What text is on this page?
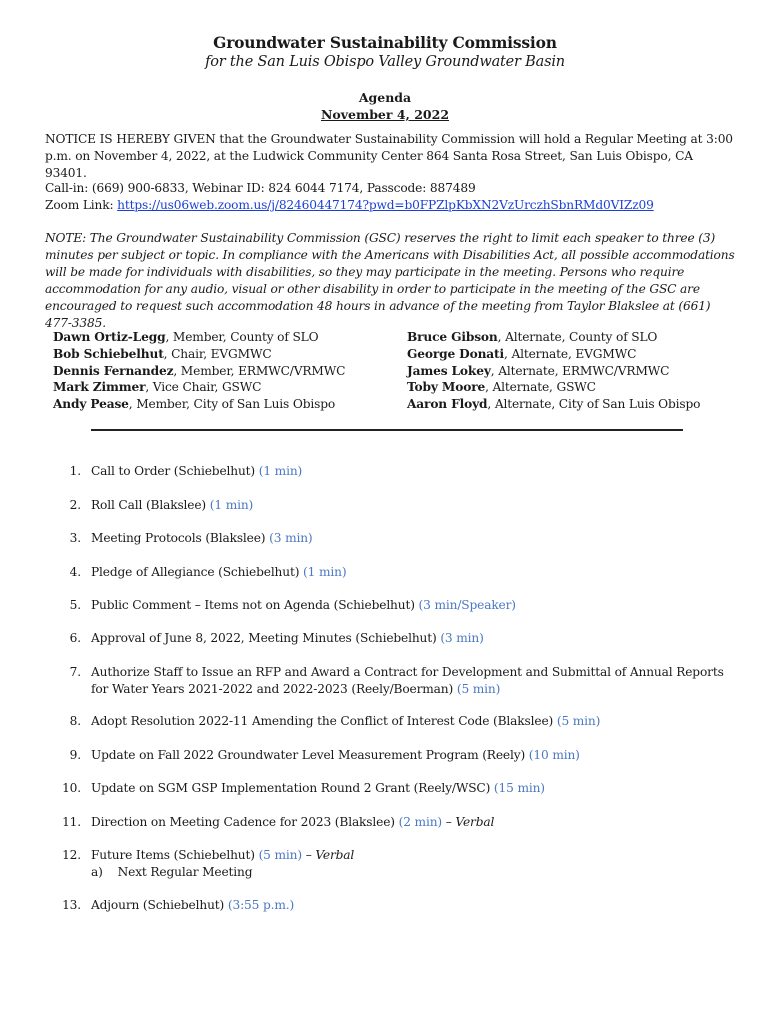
Groundwater Sustainability Commission
for the San Luis Obispo Valley Groundwater Basin
Agenda
November 4, 2022
NOTICE IS HEREBY GIVEN that the Groundwater Sustainability Commission will hold a Regular Meeting at 3:00 p.m. on November 4, 2022, at the Ludwick Community Center 864 Santa Rosa Street, San Luis Obispo, CA 93401.
Call-in: (669) 900-6833, Webinar ID: 824 6044 7174, Passcode: 887489
Zoom Link: https://us06web.zoom.us/j/82460447174?pwd=b0FPZlpKbXN2VzUrczhSbnRMd0VIZz09
NOTE: The Groundwater Sustainability Commission (GSC) reserves the right to limit each speaker to three (3) minutes per subject or topic. In compliance with the Americans with Disabilities Act, all possible accommodations will be made for individuals with disabilities, so they may participate in the meeting. Persons who require accommodation for any audio, visual or other disability in order to participate in the meeting of the GSC are encouraged to request such accommodation 48 hours in advance of the meeting from Taylor Blakslee at (661) 477-3385.
Dawn Ortiz-Legg, Member, County of SLO
Bob Schiebelhut, Chair, EVGMWC
Dennis Fernandez, Member, ERMWC/VRMWC
Mark Zimmer, Vice Chair, GSWC
Andy Pease, Member, City of San Luis Obispo
Bruce Gibson, Alternate, County of SLO
George Donati, Alternate, EVGMWC
James Lokey, Alternate, ERMWC/VRMWC
Toby Moore, Alternate, GSWC
Aaron Floyd, Alternate, City of San Luis Obispo
1. Call to Order (Schiebelhut) (1 min)
2. Roll Call (Blakslee) (1 min)
3. Meeting Protocols (Blakslee) (3 min)
4. Pledge of Allegiance (Schiebelhut) (1 min)
5. Public Comment – Items not on Agenda (Schiebelhut) (3 min/Speaker)
6. Approval of June 8, 2022, Meeting Minutes (Schiebelhut) (3 min)
7. Authorize Staff to Issue an RFP and Award a Contract for Development and Submittal of Annual Reports for Water Years 2021-2022 and 2022-2023 (Reely/Boerman) (5 min)
8. Adopt Resolution 2022-11 Amending the Conflict of Interest Code (Blakslee) (5 min)
9. Update on Fall 2022 Groundwater Level Measurement Program (Reely) (10 min)
10. Update on SGM GSP Implementation Round 2 Grant (Reely/WSC) (15 min)
11. Direction on Meeting Cadence for 2023 (Blakslee) (2 min) – Verbal
12. Future Items (Schiebelhut) (5 min) – Verbal
a)    Next Regular Meeting
13. Adjourn (Schiebelhut) (3:55 p.m.)
